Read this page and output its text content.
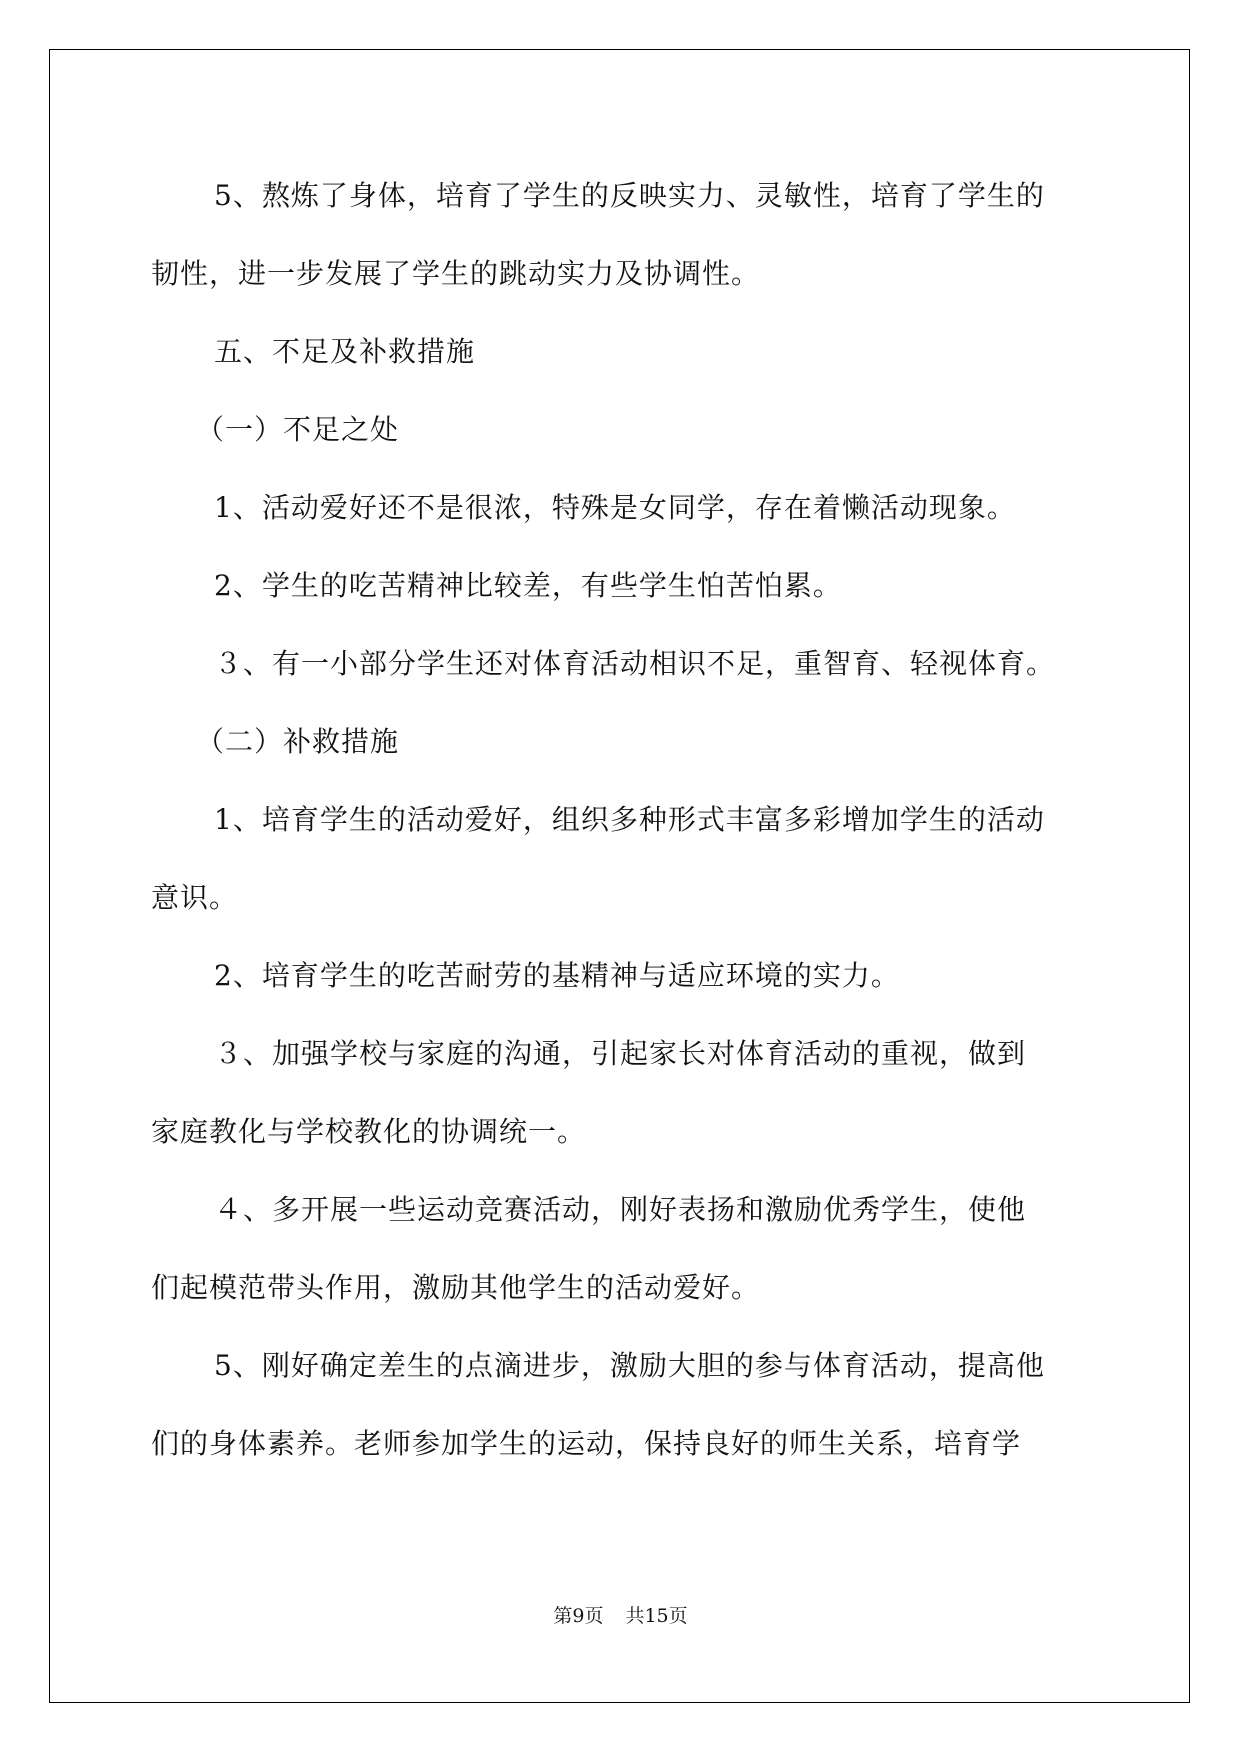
5、熬炼了身体，培育了学生的反映实力、灵敏性，培育了学生的
韧性，进一步发展了学生的跳动实力及协调性。
五、不足及补救措施
（一）不足之处
1、活动爱好还不是很浓，特殊是女同学，存在着懒活动现象。
2、学生的吃苦精神比较差，有些学生怕苦怕累。
３、有一小部分学生还对体育活动相识不足，重智育、轻视体育。
（二）补救措施
1、培育学生的活动爱好，组织多种形式丰富多彩增加学生的活动
意识。
2、培育学生的吃苦耐劳的基精神与适应环境的实力。
３、加强学校与家庭的沟通，引起家长对体育活动的重视，做到
家庭教化与学校教化的协调统一。
４、多开展一些运动竞赛活动，刚好表扬和激励优秀学生，使他
们起模范带头作用，激励其他学生的活动爱好。
5、刚好确定差生的点滴进步，激励大胆的参与体育活动，提高他
们的身体素养。老师参加学生的运动，保持良好的师生关系，培育学
第9页 共15页
